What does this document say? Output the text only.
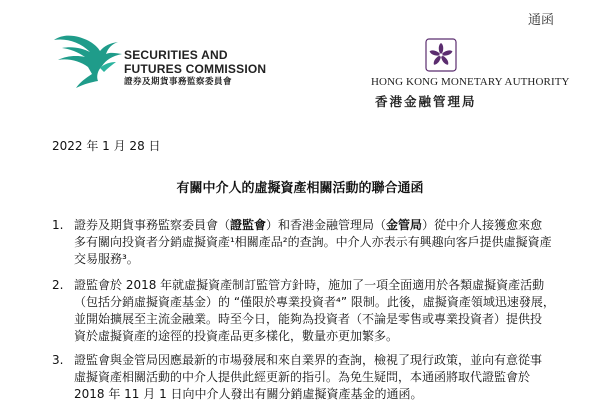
通函
SECURITIES AND
FUTURES COMMISSION
證券及期貨事務監察委員會	HONG KONG MONETARY AUTHORITY
香港金融管理局
2022 年 1 月 28 日
有關中介人的虛擬資產相關活動的聯合通函
1. 證券及期貨事務監察委員會（證監會）和香港金融管理局（金管局）從中介人接獲愈來愈
多有關向投資者分銷虛擬資產¹相關產品²的查詢。中介人亦表示有興趣向客戶提供虛擬資產
交易服務³。
2. 證監會於 2018 年就虛擬資產制訂監管方針時，施加了一項全面適用於各類虛擬資產活動
（包括分銷虛擬資產基金）的 “僅限於專業投資者⁴” 限制。此後，虛擬資產領域迅速發展，
並開始擴展至主流金融業。時至今日，能夠為投資者（不論是零售或專業投資者）提供投
資於虛擬資產的途徑的投資產品更多樣化，數量亦更加繁多。
3. 證監會與金管局因應最新的市場發展和來自業界的查詢，檢視了現行政策，並向有意從事
虛擬資產相關活動的中介人提供此經更新的指引。為免生疑問，本通函將取代證監會於
2018 年 11 月 1 日向中介人發出有關分銷虛擬資產基金的通函。
